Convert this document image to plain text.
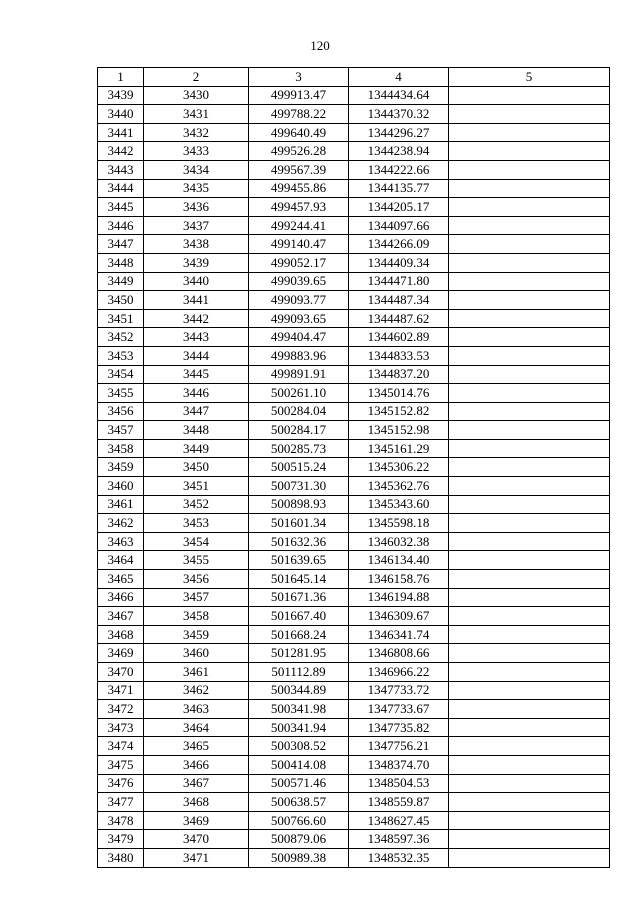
120
1	2	3	4	5
3439	3430	499913.47	1344434.64	
3440	3431	499788.22	1344370.32	
3441	3432	499640.49	1344296.27	
3442	3433	499526.28	1344238.94	
3443	3434	499567.39	1344222.66	
3444	3435	499455.86	1344135.77	
3445	3436	499457.93	1344205.17	
3446	3437	499244.41	1344097.66	
3447	3438	499140.47	1344266.09	
3448	3439	499052.17	1344409.34	
3449	3440	499039.65	1344471.80	
3450	3441	499093.77	1344487.34	
3451	3442	499093.65	1344487.62	
3452	3443	499404.47	1344602.89	
3453	3444	499883.96	1344833.53	
3454	3445	499891.91	1344837.20	
3455	3446	500261.10	1345014.76	
3456	3447	500284.04	1345152.82	
3457	3448	500284.17	1345152.98	
3458	3449	500285.73	1345161.29	
3459	3450	500515.24	1345306.22	
3460	3451	500731.30	1345362.76	
3461	3452	500898.93	1345343.60	
3462	3453	501601.34	1345598.18	
3463	3454	501632.36	1346032.38	
3464	3455	501639.65	1346134.40	
3465	3456	501645.14	1346158.76	
3466	3457	501671.36	1346194.88	
3467	3458	501667.40	1346309.67	
3468	3459	501668.24	1346341.74	
3469	3460	501281.95	1346808.66	
3470	3461	501112.89	1346966.22	
3471	3462	500344.89	1347733.72	
3472	3463	500341.98	1347733.67	
3473	3464	500341.94	1347735.82	
3474	3465	500308.52	1347756.21	
3475	3466	500414.08	1348374.70	
3476	3467	500571.46	1348504.53	
3477	3468	500638.57	1348559.87	
3478	3469	500766.60	1348627.45	
3479	3470	500879.06	1348597.36	
3480	3471	500989.38	1348532.35	
